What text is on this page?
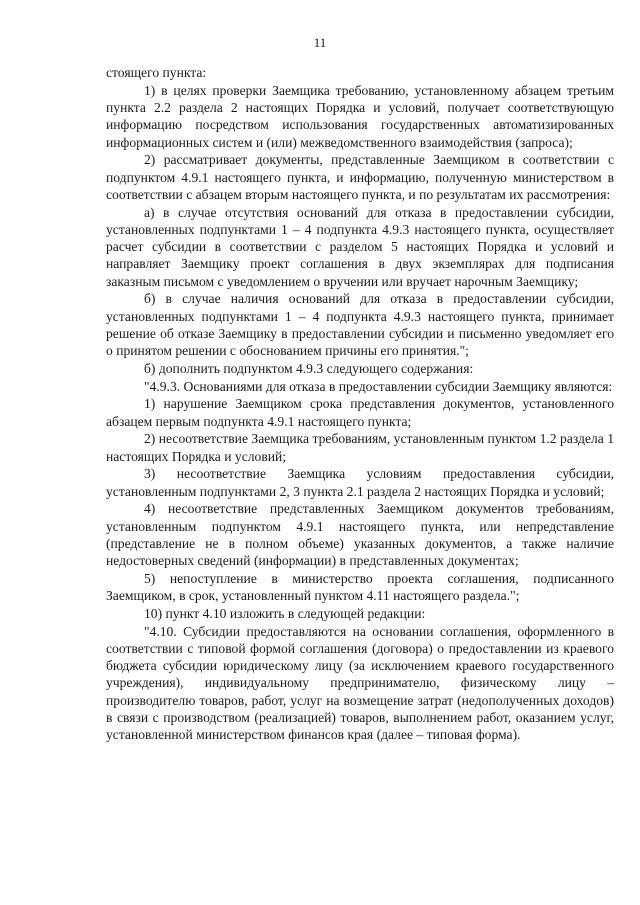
11

стоящего пункта:

1) в целях проверки Заемщика требованию, установленному абзацем третьим пункта 2.2 раздела 2 настоящих Порядка и условий, получает соответствующую информацию посредством использования государственных автоматизированных информационных систем и (или) межведомственного взаимодействия (запроса);

2) рассматривает документы, представленные Заемщиком в соответствии с подпунктом 4.9.1 настоящего пункта, и информацию, полученную министерством в соответствии с абзацем вторым настоящего пункта, и по результатам их рассмотрения:

а) в случае отсутствия оснований для отказа в предоставлении субсидии, установленных подпунктами 1 – 4 подпункта 4.9.3 настоящего пункта, осуществляет расчет субсидии в соответствии с разделом 5 настоящих Порядка и условий и направляет Заемщику проект соглашения в двух экземплярах для подписания заказным письмом с уведомлением о вручении или вручает нарочным Заемщику;

б) в случае наличия оснований для отказа в предоставлении субсидии, установленных подпунктами 1 – 4 подпункта 4.9.3 настоящего пункта, принимает решение об отказе Заемщику в предоставлении субсидии и письменно уведомляет его о принятом решении с обоснованием причины его принятия.";

б) дополнить подпунктом 4.9.3 следующего содержания:

"4.9.3. Основаниями для отказа в предоставлении субсидии Заемщику являются:

1) нарушение Заемщиком срока представления документов, установленного абзацем первым подпункта 4.9.1 настоящего пункта;

2) несоответствие Заемщика требованиям, установленным пунктом 1.2 раздела 1 настоящих Порядка и условий;

3) несоответствие Заемщика условиям предоставления субсидии, установленным подпунктами 2, 3 пункта 2.1 раздела 2 настоящих Порядка и условий;

4) несоответствие представленных Заемщиком документов требованиям, установленным подпунктом 4.9.1 настоящего пункта, или непредставление (представление не в полном объеме) указанных документов, а также наличие недостоверных сведений (информации) в представленных документах;

5) непоступление в министерство проекта соглашения, подписанного Заемщиком, в срок, установленный пунктом 4.11 настоящего раздела.";

10) пункт 4.10 изложить в следующей редакции:

"4.10. Субсидии предоставляются на основании соглашения, оформленного в соответствии с типовой формой соглашения (договора) о предоставлении из краевого бюджета субсидии юридическому лицу (за исключением краевого государственного учреждения), индивидуальному предпринимателю, физическому лицу – производителю товаров, работ, услуг на возмещение затрат (недополученных доходов) в связи с производством (реализацией) товаров, выполнением работ, оказанием услуг, установленной министерством финансов края (далее – типовая форма).
